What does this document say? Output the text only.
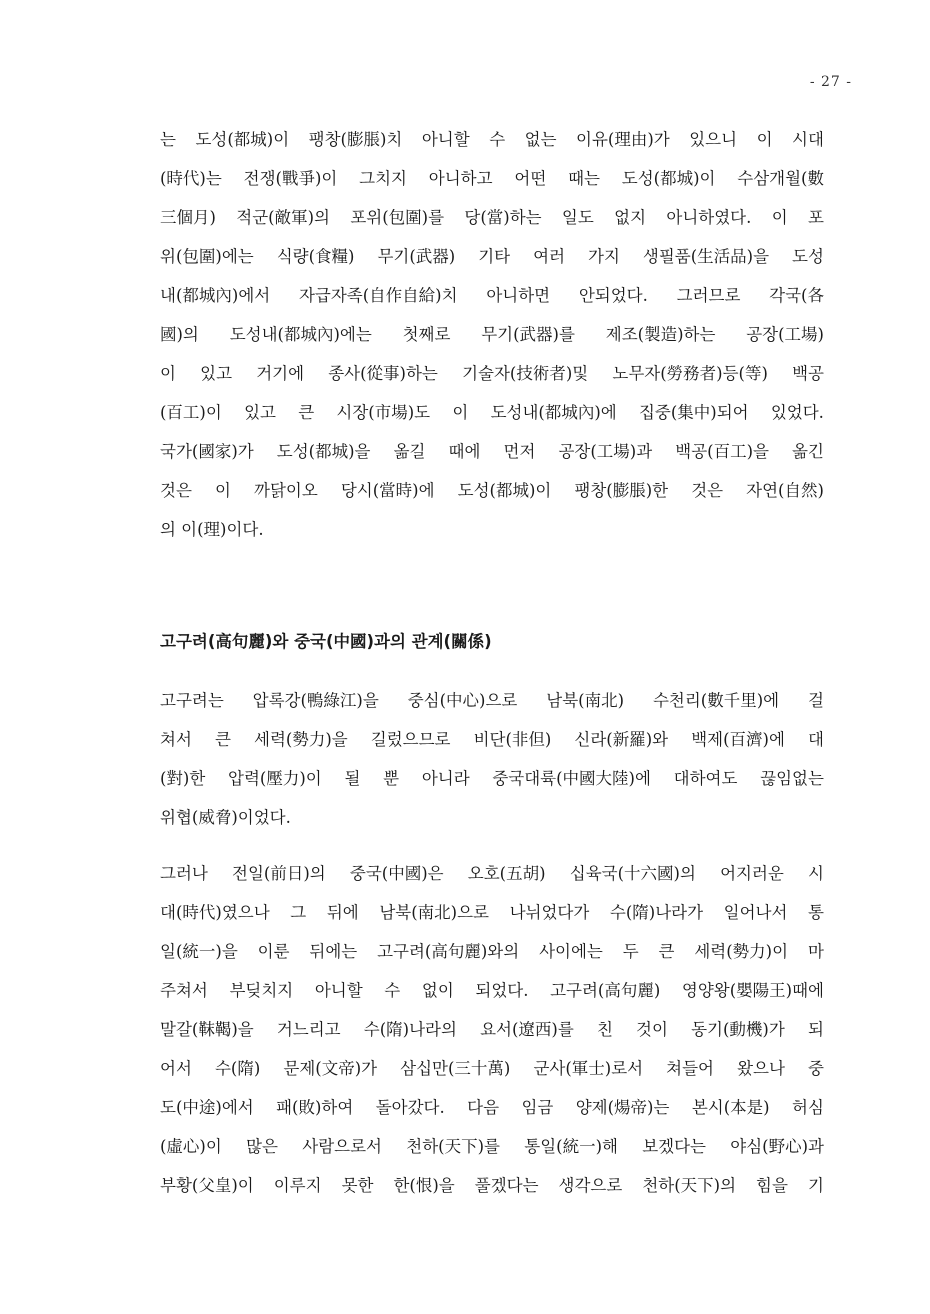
- 27 -
는 도성(都城)이 팽창(膨脹)치 아니할 수 없는 이유(理由)가 있으니 이 시대
(時代)는 전쟁(戰爭)이 그치지 아니하고 어떤 때는 도성(都城)이 수삼개월(數
三個月) 적군(敵軍)의 포위(包圍)를 당(當)하는 일도 없지 아니하였다. 이 포
위(包圍)에는 식량(食糧) 무기(武器) 기타 여러 가지 생필품(生活品)을 도성
내(都城內)에서 자급자족(自作自給)치 아니하면 안되었다. 그러므로 각국(各
國)의 도성내(都城內)에는 첫째로 무기(武器)를 제조(製造)하는 공장(工場)
이 있고 거기에 종사(從事)하는 기술자(技術者)및 노무자(勞務者)등(等) 백공
(百工)이 있고 큰 시장(市場)도 이 도성내(都城內)에 집중(集中)되어 있었다.
국가(國家)가 도성(都城)을 옮길 때에 먼저 공장(工場)과 백공(百工)을 옮긴
것은 이 까닭이오 당시(當時)에 도성(都城)이 팽창(膨脹)한 것은 자연(自然)
의 이(理)이다.
고구려(高句麗)와 중국(中國)과의 관계(關係)
고구려는 압록강(鴨綠江)을 중심(中心)으로 남북(南北) 수천리(數千里)에 걸
쳐서 큰 세력(勢力)을 길렀으므로 비단(非但) 신라(新羅)와 백제(百濟)에 대
(對)한 압력(壓力)이 될 뿐 아니라 중국대륙(中國大陸)에 대하여도 끊임없는
위협(威脅)이었다.
그러나 전일(前日)의 중국(中國)은 오호(五胡) 십육국(十六國)의 어지러운 시
대(時代)였으나 그 뒤에 남북(南北)으로 나뉘었다가 수(隋)나라가 일어나서 통
일(統一)을 이룬 뒤에는 고구려(高句麗)와의 사이에는 두 큰 세력(勢力)이 마
주쳐서 부딪치지 아니할 수 없이 되었다. 고구려(高句麗) 영양왕(嬰陽王)때에
말갈(靺鞨)을 거느리고 수(隋)나라의 요서(遼西)를 친 것이 동기(動機)가 되
어서 수(隋) 문제(文帝)가 삼십만(三十萬) 군사(軍士)로서 쳐들어 왔으나 중
도(中途)에서 패(敗)하여 돌아갔다. 다음 임금 양제(煬帝)는 본시(本是) 허심
(虛心)이 많은 사람으로서 천하(天下)를 통일(統一)해 보겠다는 야심(野心)과
부황(父皇)이 이루지 못한 한(恨)을 풀겠다는 생각으로 천하(天下)의 힘을 기
